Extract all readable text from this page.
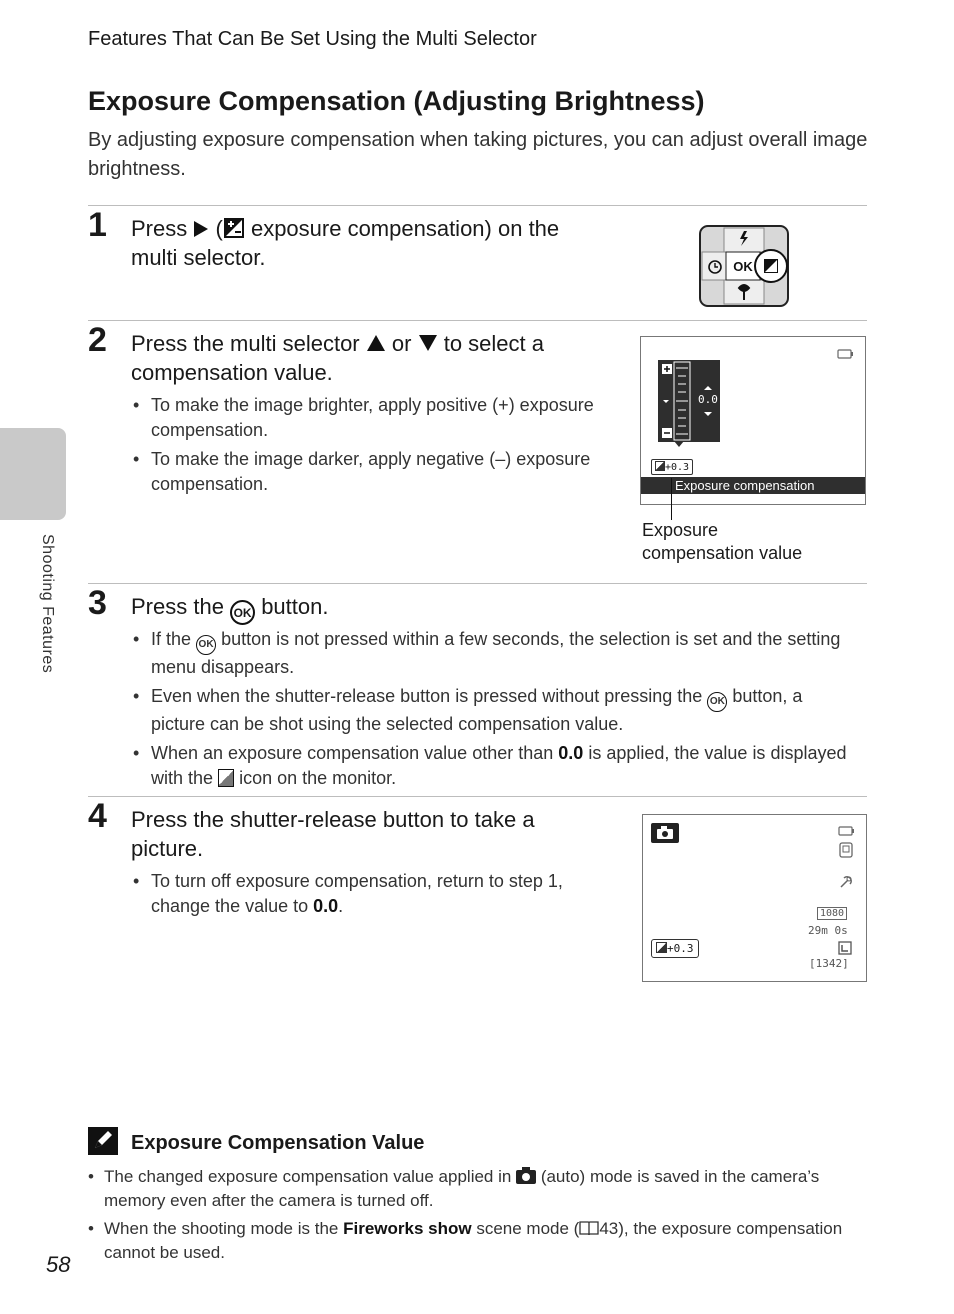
Features That Can Be Set Using the Multi Selector
Exposure Compensation (Adjusting Brightness)
By adjusting exposure compensation when taking pictures, you can adjust overall image brightness.
Shooting Features
1 Press ( exposure compensation) on the multi selector.	OK
2 Press the multi selector or to select a compensation value.
• To make the image brighter, apply positive (+) exposure compensation.
• To make the image darker, apply negative (–) exposure compensation.
0.0
+0.3
Exposure compensation
Exposure
compensation value
3 Press the OK button.
• If the OK button is not pressed within a few seconds, the selection is set and the setting menu disappears.
• Even when the shutter-release button is pressed without pressing the OK button, a picture can be shot using the selected compensation value.
• When an exposure compensation value other than 0.0 is applied, the value is displayed with the icon on the monitor.
4 Press the shutter-release button to take a picture.
• To turn off exposure compensation, return to step 1, change the value to 0.0.	1080
29m 0s
[1342]
+0.3
Exposure Compensation Value
• The changed exposure compensation value applied in (auto) mode is saved in the camera’s memory even after the camera is turned off.
• When the shooting mode is the Fireworks show scene mode ( 43), the exposure compensation cannot be used.
58
